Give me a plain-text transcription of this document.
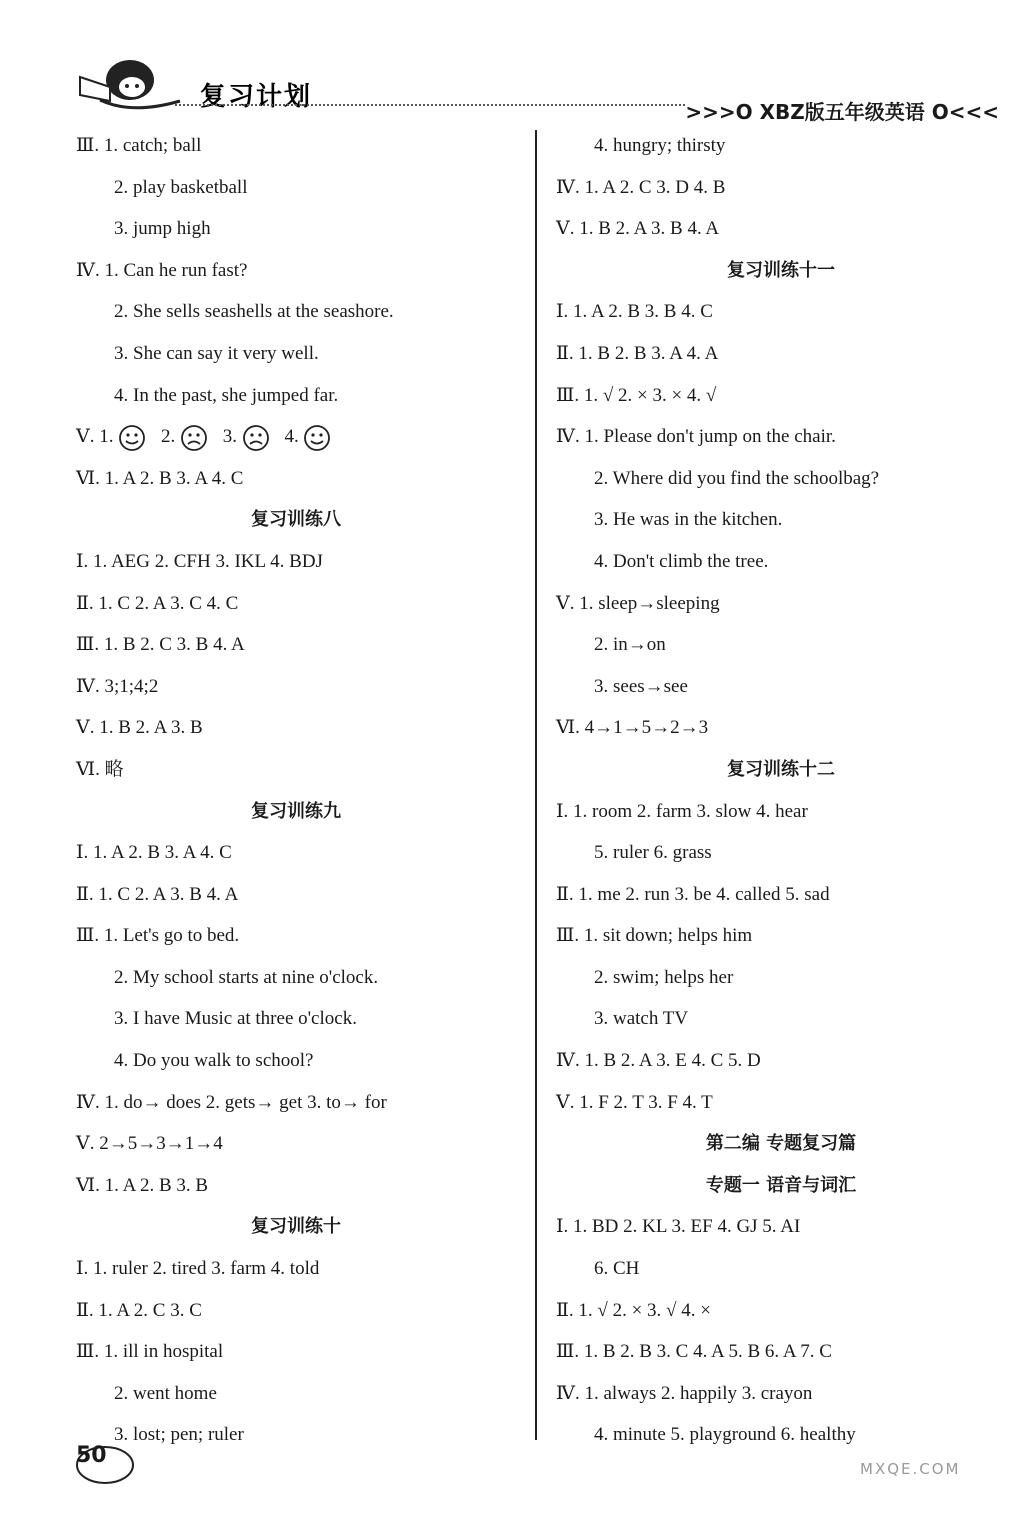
复习计划	>>>O XBZ版五年级英语 O<<<
Ⅲ. 1. catch; ball
2. play basketball
3. jump high
Ⅳ. 1. Can he run fast?
2. She sells seashells at the seashore.
3. She can say it very well.
4. In the past, she jumped far.
Ⅴ. 1.	2.	3.	4.
Ⅵ. 1. A 2. B 3. A 4. C
复习训练八
Ⅰ. 1. AEG 2. CFH 3. IKL 4. BDJ
Ⅱ. 1. C 2. A 3. C 4. C
Ⅲ. 1. B 2. C 3. B 4. A
Ⅳ. 3;1;4;2
Ⅴ. 1. B 2. A 3. B
Ⅵ. 略
复习训练九
Ⅰ. 1. A 2. B 3. A 4. C
Ⅱ. 1. C 2. A 3. B 4. A
Ⅲ. 1. Let's go to bed.
2. My school starts at nine o'clock.
3. I have Music at three o'clock.
4. Do you walk to school?
Ⅳ. 1. do→ does 2. gets→ get 3. to→ for
Ⅴ. 2→5→3→1→4
Ⅵ. 1. A 2. B 3. B
复习训练十
Ⅰ. 1. ruler 2. tired 3. farm 4. told
Ⅱ. 1. A 2. C 3. C
Ⅲ. 1. ill in hospital
2. went home
3. lost; pen; ruler
4. hungry; thirsty
Ⅳ. 1. A 2. C 3. D 4. B
Ⅴ. 1. B 2. A 3. B 4. A
复习训练十一
Ⅰ. 1. A 2. B 3. B 4. C
Ⅱ. 1. B 2. B 3. A 4. A
Ⅲ. 1. √ 2. × 3. × 4. √
Ⅳ. 1. Please don't jump on the chair.
2. Where did you find the schoolbag?
3. He was in the kitchen.
4. Don't climb the tree.
Ⅴ. 1. sleep→sleeping
2. in→on
3. sees→see
Ⅵ. 4→1→5→2→3
复习训练十二
Ⅰ. 1. room 2. farm 3. slow 4. hear
5. ruler 6. grass
Ⅱ. 1. me 2. run 3. be 4. called 5. sad
Ⅲ. 1. sit down; helps him
2. swim; helps her
3. watch TV
Ⅳ. 1. B 2. A 3. E 4. C 5. D
Ⅴ. 1. F 2. T 3. F 4. T
第二编 专题复习篇
专题一 语音与词汇
Ⅰ. 1. BD 2. KL 3. EF 4. GJ 5. AI
6. CH
Ⅱ. 1. √ 2. × 3. √ 4. ×
Ⅲ. 1. B 2. B 3. C 4. A 5. B 6. A 7. C
Ⅳ. 1. always 2. happily 3. crayon
4. minute 5. playground 6. healthy
50
MXQE.COM
